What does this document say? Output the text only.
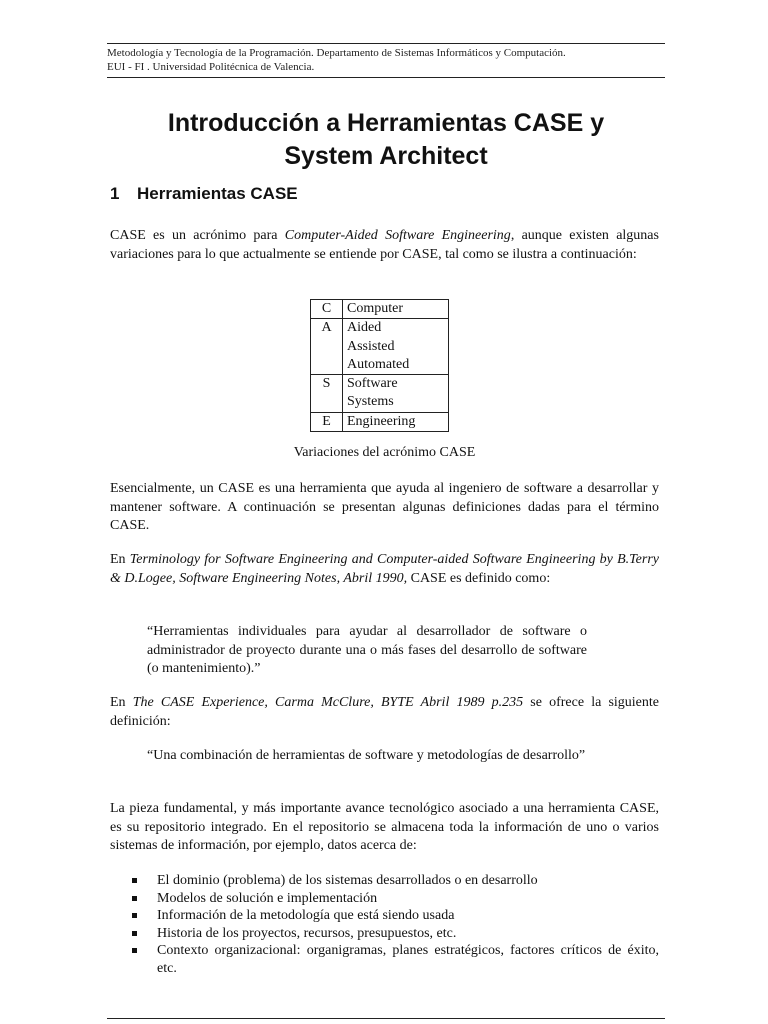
Metodología y Tecnología de la Programación. Departamento de Sistemas Informáticos y Computación.
EUI - FI . Universidad Politécnica de Valencia.
Introducción a Herramientas CASE y
System Architect
1 Herramientas CASE

CASE es un acrónimo para Computer-Aided Software Engineering, aunque existen algunas variaciones para lo que actualmente se entiende por CASE, tal como se ilustra a continuación:

C	Computer

A	Aided
Assisted
Automated

S	Software
Systems

E	Engineering
Variaciones del acrónimo CASE

Esencialmente, un CASE es una herramienta que ayuda al ingeniero de software a desarrollar y mantener software. A continuación se presentan algunas definiciones dadas para el término CASE.

En Terminology for Software Engineering and Computer-aided Software Engineering by B.Terry & D.Logee, Software Engineering Notes, Abril 1990, CASE es definido como:

“Herramientas individuales para ayudar al desarrollador de software o administrador de proyecto durante una o más fases del desarrollo de software (o mantenimiento).”

En The CASE Experience, Carma McClure, BYTE Abril 1989 p.235 se ofrece la siguiente definición:

“Una combinación de herramientas de software y metodologías de desarrollo”

La pieza fundamental, y más importante avance tecnológico asociado a una herramienta CASE, es su repositorio integrado. En el repositorio se almacena toda la información de uno o varios sistemas de información, por ejemplo, datos acerca de:

El dominio (problema) de los sistemas desarrollados o en desarrollo
Modelos de solución e implementación
Información de la metodología que está siendo usada
Historia de los proyectos, recursos, presupuestos, etc.
Contexto organizacional: organigramas, planes estratégicos, factores críticos de éxito, etc.
